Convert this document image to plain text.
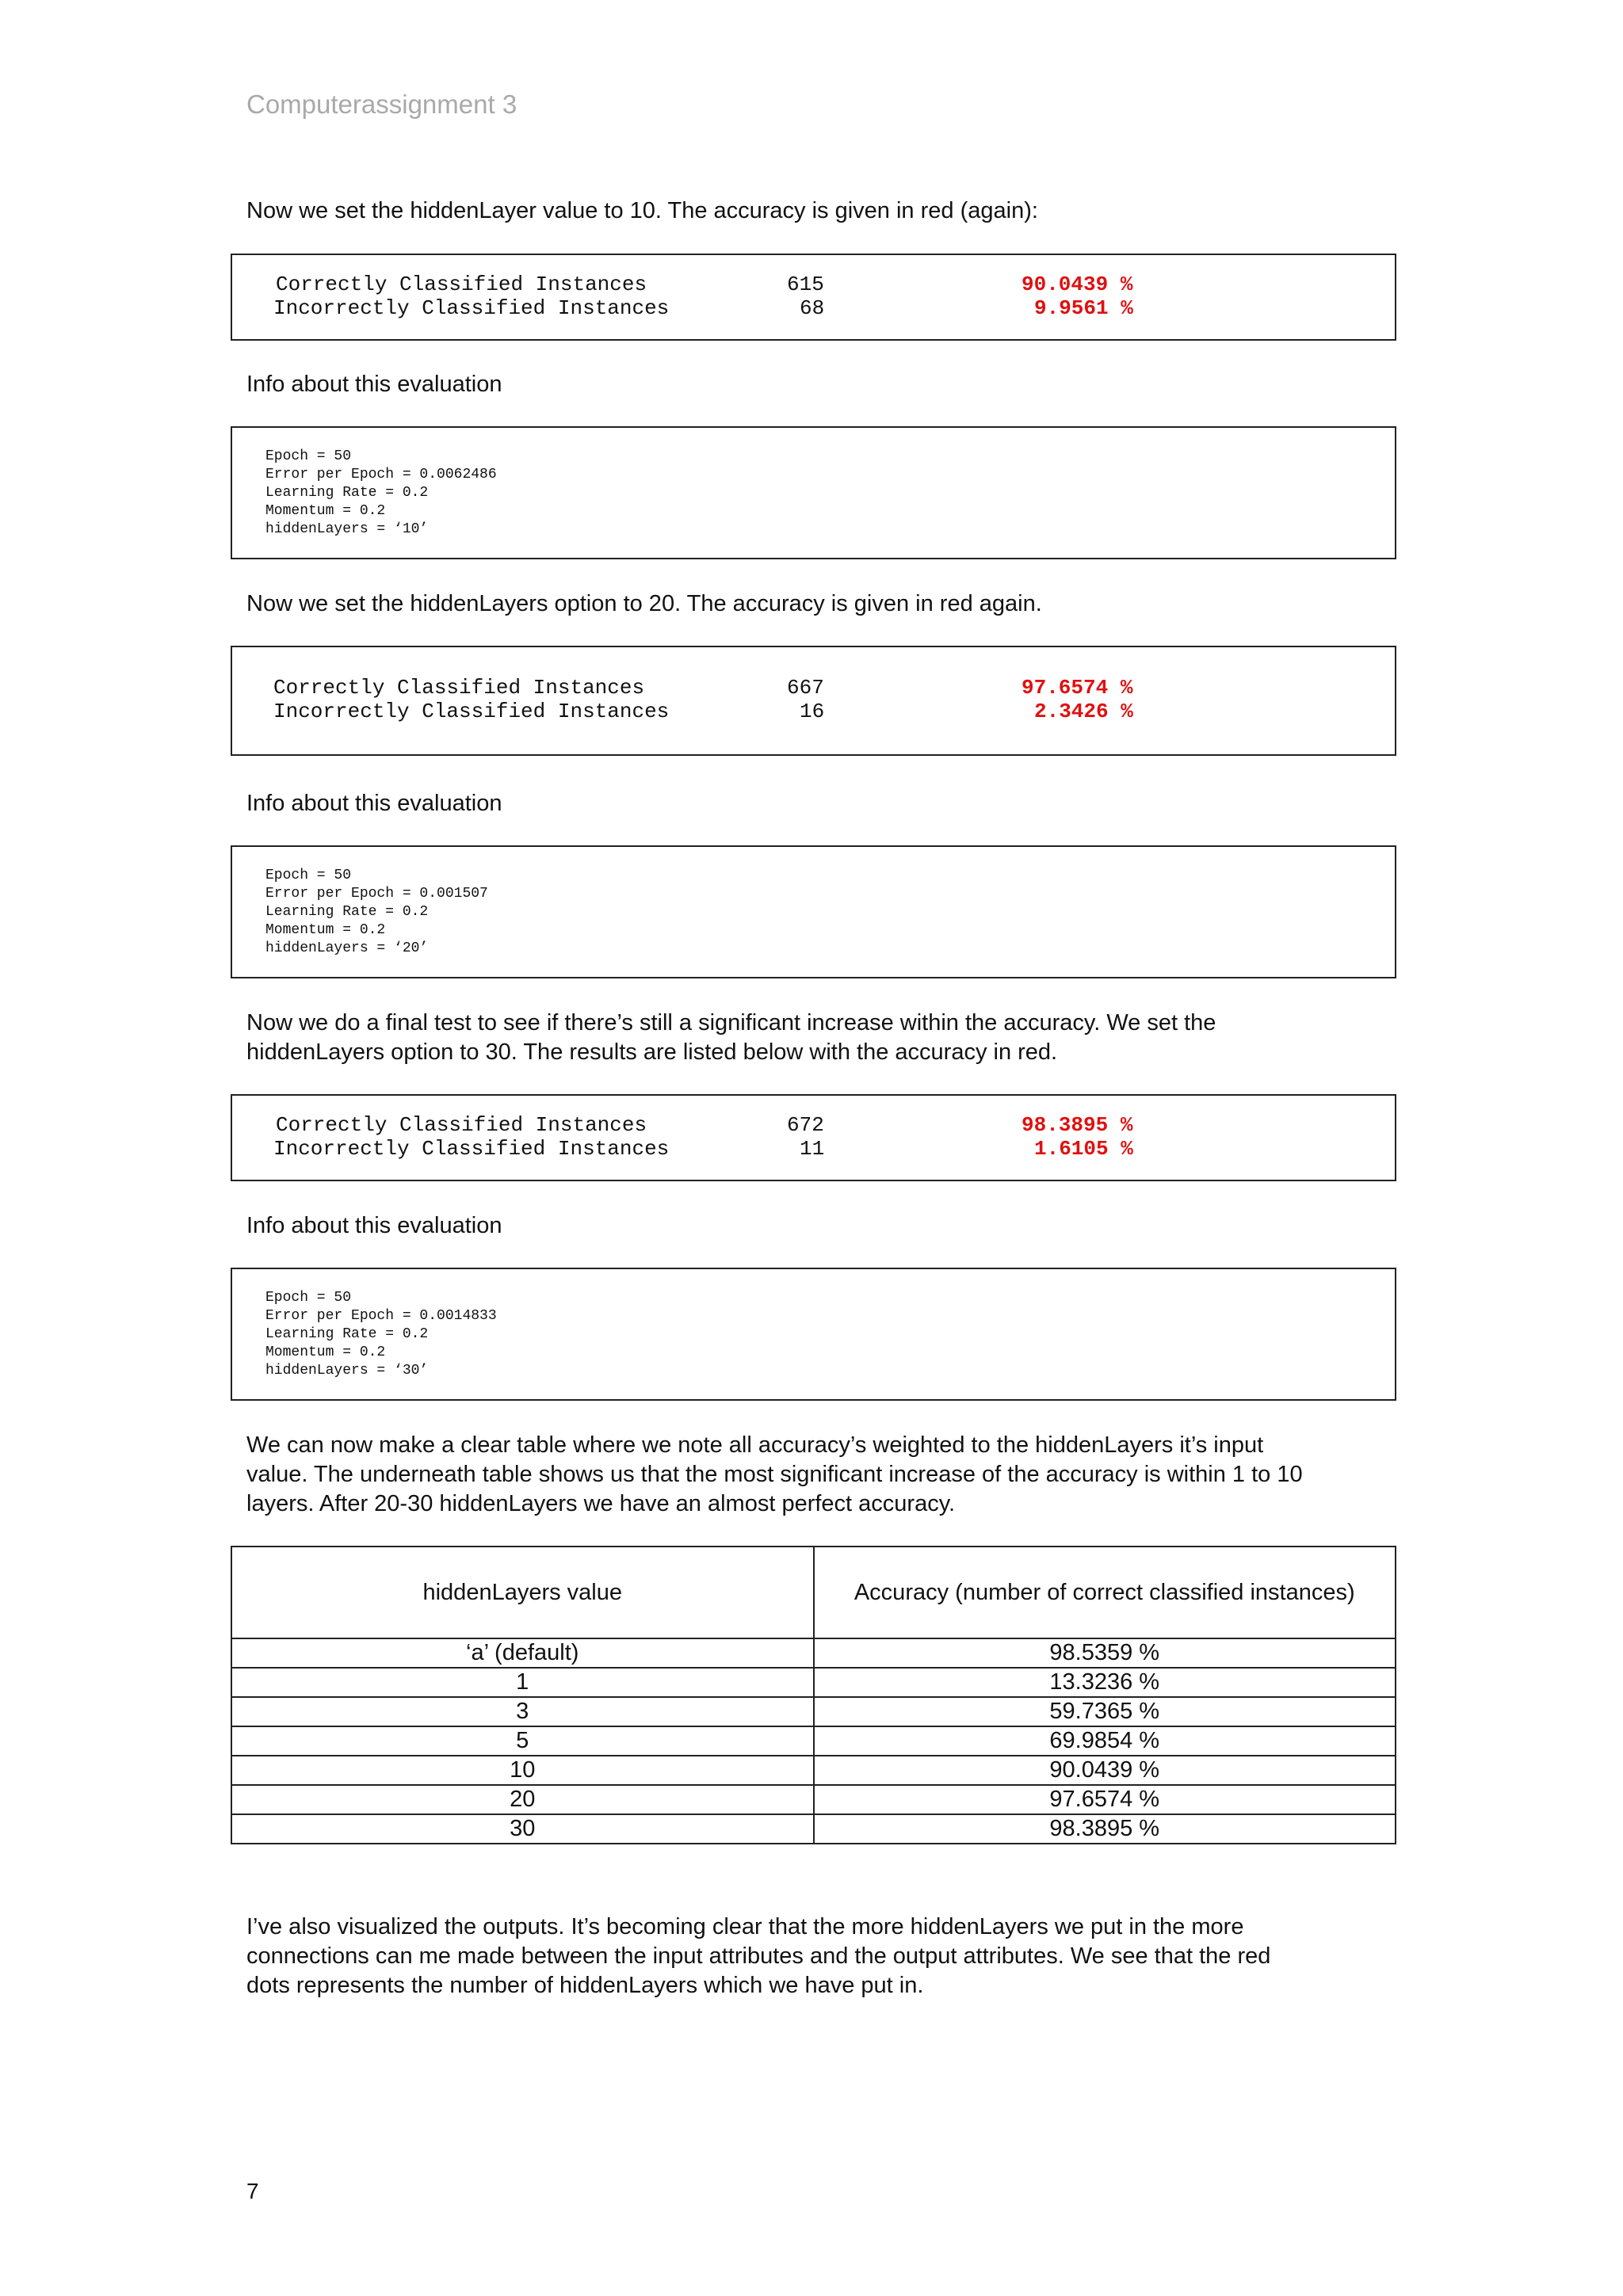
Computerassignment 3
Now we set the hiddenLayer value to 10. The accuracy is given in red (again):
Correctly Classified Instances	615	90.0439 %
Incorrectly Classified Instances	68	9.9561 %
Info about this evaluation
Epoch = 50
Error per Epoch = 0.0062486
Learning Rate = 0.2
Momentum = 0.2
hiddenLayers = ‘10’
Now we set the hiddenLayers option to 20. The accuracy is given in red again.
Correctly Classified Instances	667	97.6574 %
Incorrectly Classified Instances	16	2.3426 %
Info about this evaluation
Epoch = 50
Error per Epoch = 0.001507
Learning Rate = 0.2
Momentum = 0.2
hiddenLayers = ‘20’
Now we do a final test to see if there’s still a significant increase within the accuracy. We set the
hiddenLayers option to 30. The results are listed below with the accuracy in red.
Correctly Classified Instances	672	98.3895 %
Incorrectly Classified Instances	11	1.6105 %
Info about this evaluation
Epoch = 50
Error per Epoch = 0.0014833
Learning Rate = 0.2
Momentum = 0.2
hiddenLayers = ‘30’
We can now make a clear table where we note all accuracy’s weighted to the hiddenLayers it’s input
value. The underneath table shows us that the most significant increase of the accuracy is within 1 to 10
layers. After 20-30 hiddenLayers we have an almost perfect accuracy.
hiddenLayers value	Accuracy (number of correct classified instances)
‘a’ (default)	98.5359 %
1	13.3236 %
3	59.7365 %
5	69.9854 %
10	90.0439 %
20	97.6574 %
30	98.3895 %
I’ve also visualized the outputs. It’s becoming clear that the more hiddenLayers we put in the more
connections can me made between the input attributes and the output attributes. We see that the red
dots represents the number of hiddenLayers which we have put in.
7
